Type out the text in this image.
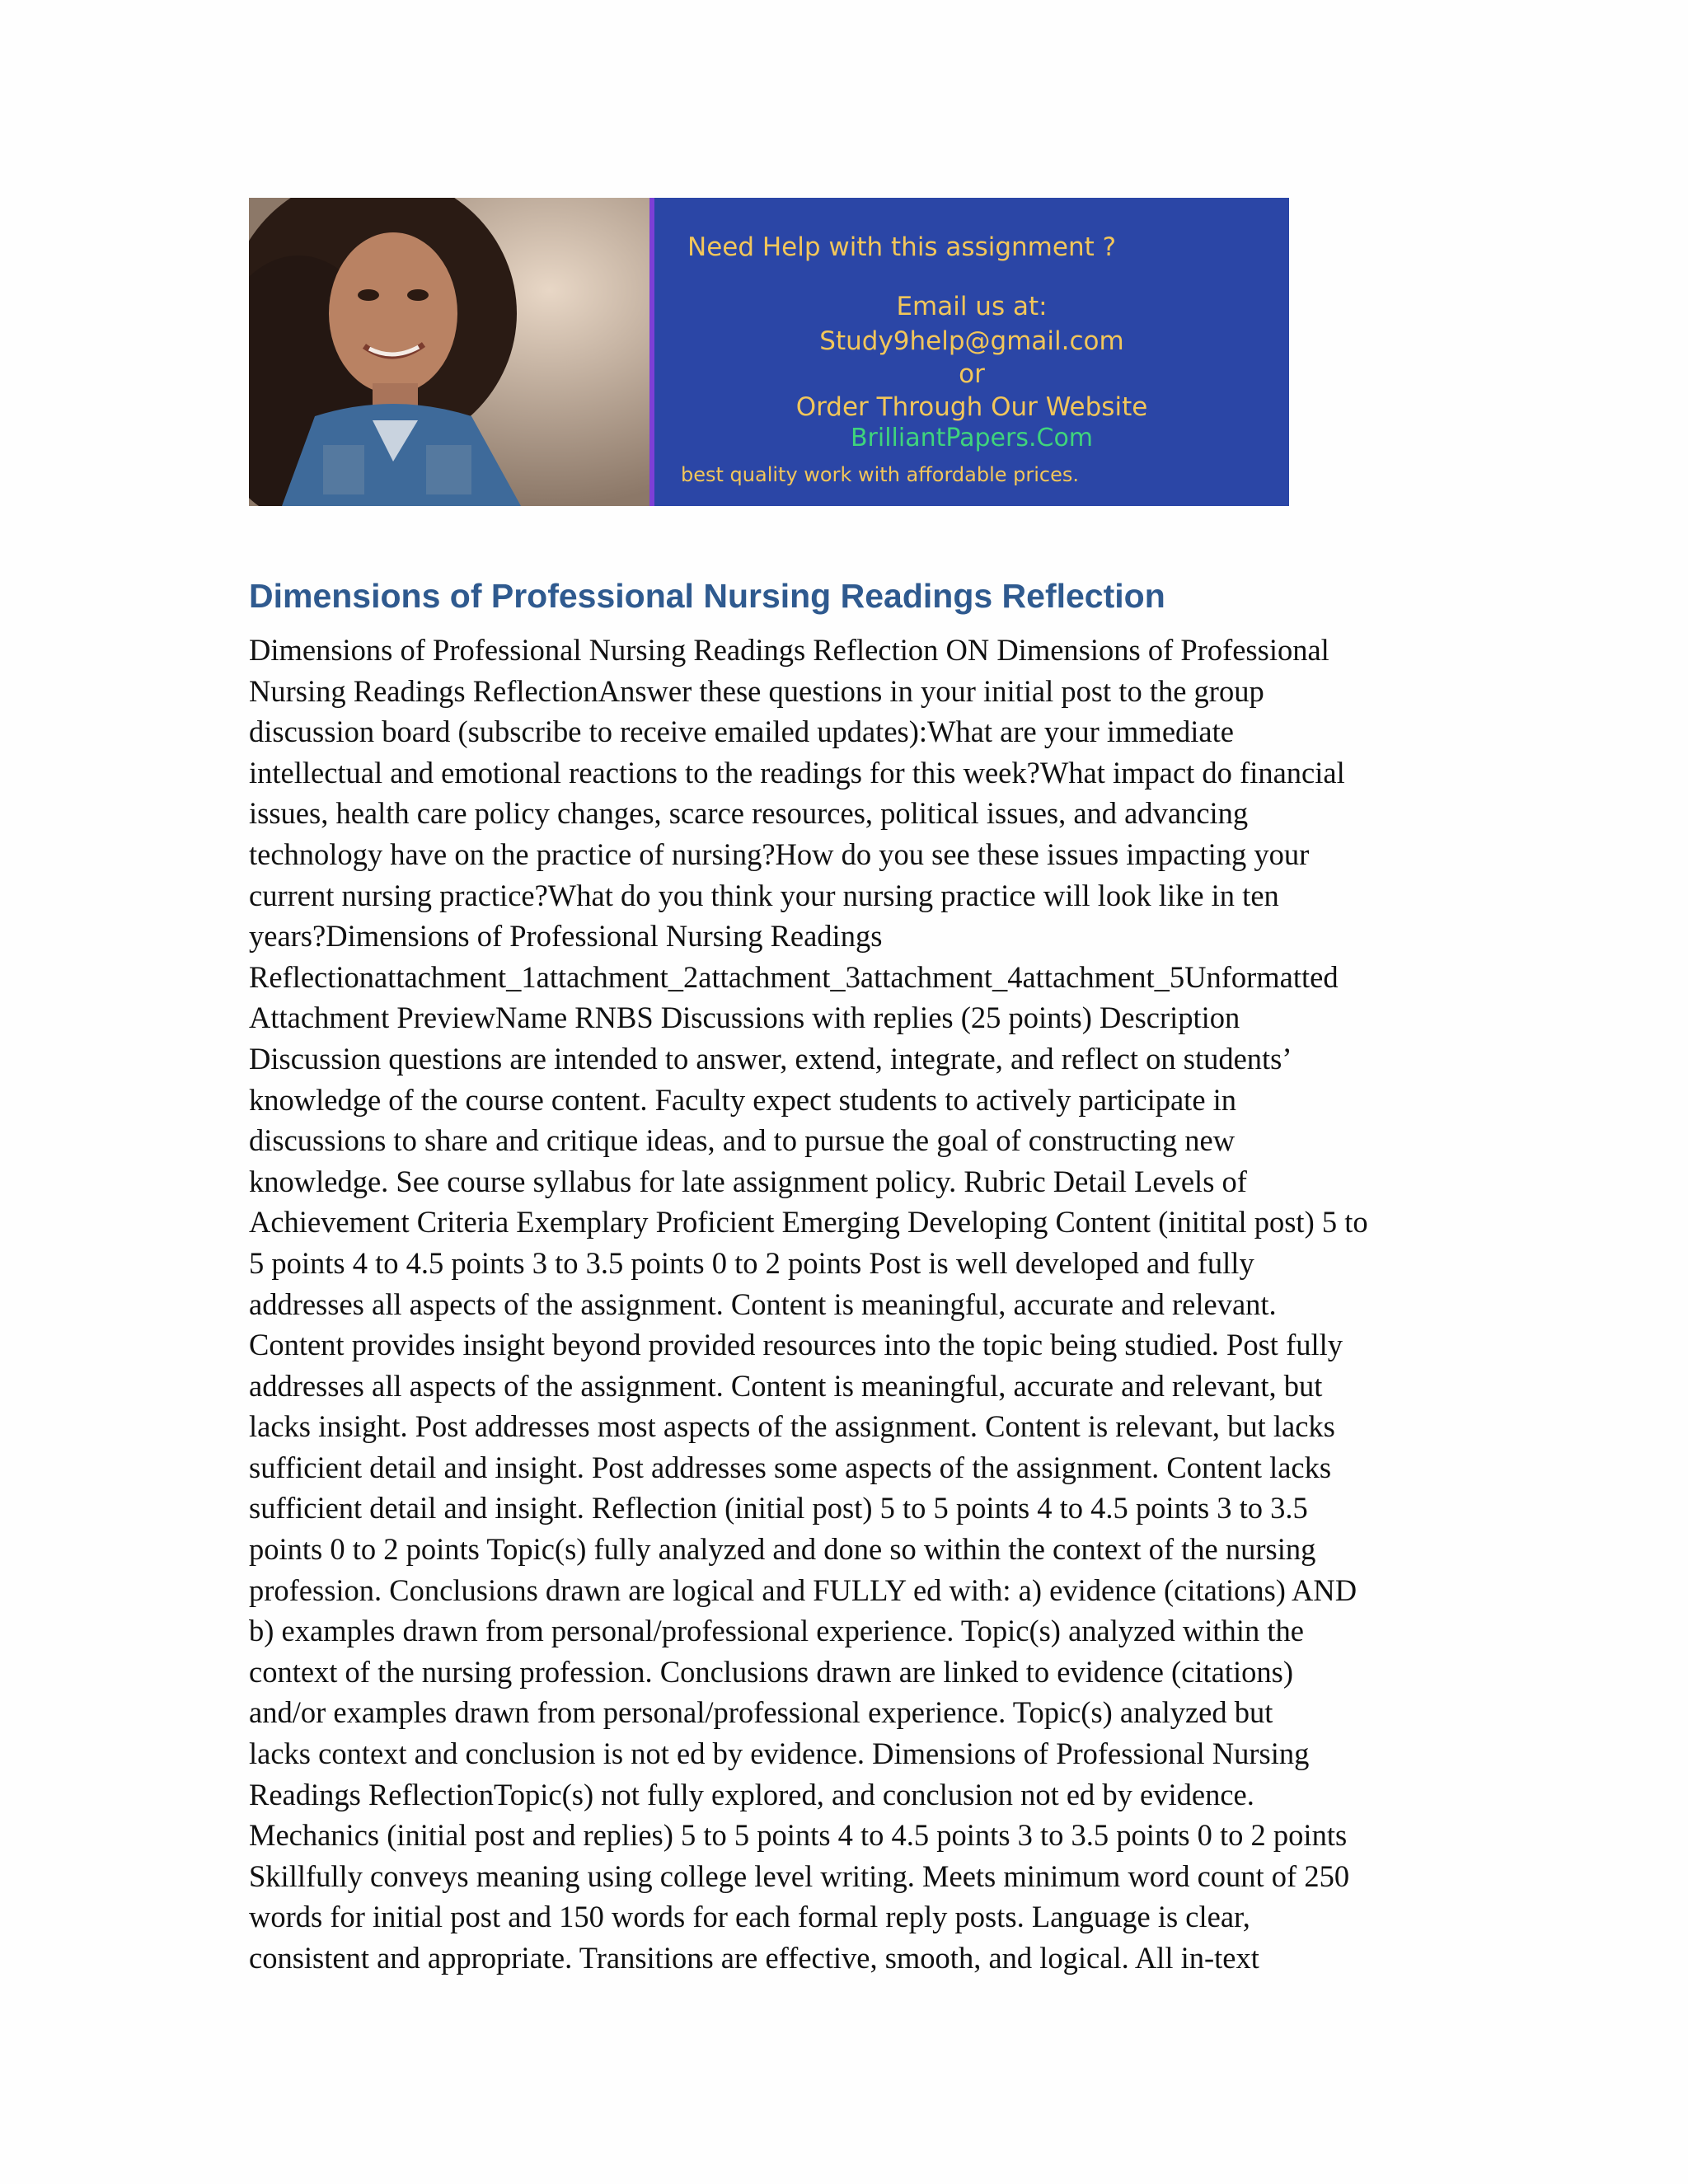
Need Help with this assignment ?
Email us at:
Study9help@gmail.com
or
Order Through Our Website
BrilliantPapers.Com
best quality work with affordable prices.
Dimensions of Professional Nursing Readings Reflection

Dimensions of Professional Nursing Readings Reflection ON Dimensions of Professional
Nursing Readings ReflectionAnswer these questions in your initial post to the group
discussion board (subscribe to receive emailed updates):What are your immediate
intellectual and emotional reactions to the readings for this week?What impact do financial
issues, health care policy changes, scarce resources, political issues, and advancing
technology have on the practice of nursing?How do you see these issues impacting your
current nursing practice?What do you think your nursing practice will look like in ten
years?Dimensions of Professional Nursing Readings
Reflectionattachment_1attachment_2attachment_3attachment_4attachment_5Unformatted
Attachment PreviewName RNBS Discussions with replies (25 points) Description
Discussion questions are intended to answer, extend, integrate, and reflect on students’
knowledge of the course content. Faculty expect students to actively participate in
discussions to share and critique ideas, and to pursue the goal of constructing new
knowledge. See course syllabus for late assignment policy. Rubric Detail Levels of
Achievement Criteria Exemplary Proficient Emerging Developing Content (initital post) 5 to
5 points 4 to 4.5 points 3 to 3.5 points 0 to 2 points Post is well developed and fully
addresses all aspects of the assignment. Content is meaningful, accurate and relevant.
Content provides insight beyond provided resources into the topic being studied. Post fully
addresses all aspects of the assignment. Content is meaningful, accurate and relevant, but
lacks insight. Post addresses most aspects of the assignment. Content is relevant, but lacks
sufficient detail and insight. Post addresses some aspects of the assignment. Content lacks
sufficient detail and insight. Reflection (initial post) 5 to 5 points 4 to 4.5 points 3 to 3.5
points 0 to 2 points Topic(s) fully analyzed and done so within the context of the nursing
profession. Conclusions drawn are logical and FULLY ed with: a) evidence (citations) AND
b) examples drawn from personal/professional experience. Topic(s) analyzed within the
context of the nursing profession. Conclusions drawn are linked to evidence (citations)
and/or examples drawn from personal/professional experience. Topic(s) analyzed but
lacks context and conclusion is not ed by evidence. Dimensions of Professional Nursing
Readings ReflectionTopic(s) not fully explored, and conclusion not ed by evidence.
Mechanics (initial post and replies) 5 to 5 points 4 to 4.5 points 3 to 3.5 points 0 to 2 points
Skillfully conveys meaning using college level writing. Meets minimum word count of 250
words for initial post and 150 words for each formal reply posts. Language is clear,
consistent and appropriate. Transitions are effective, smooth, and logical. All in-text
